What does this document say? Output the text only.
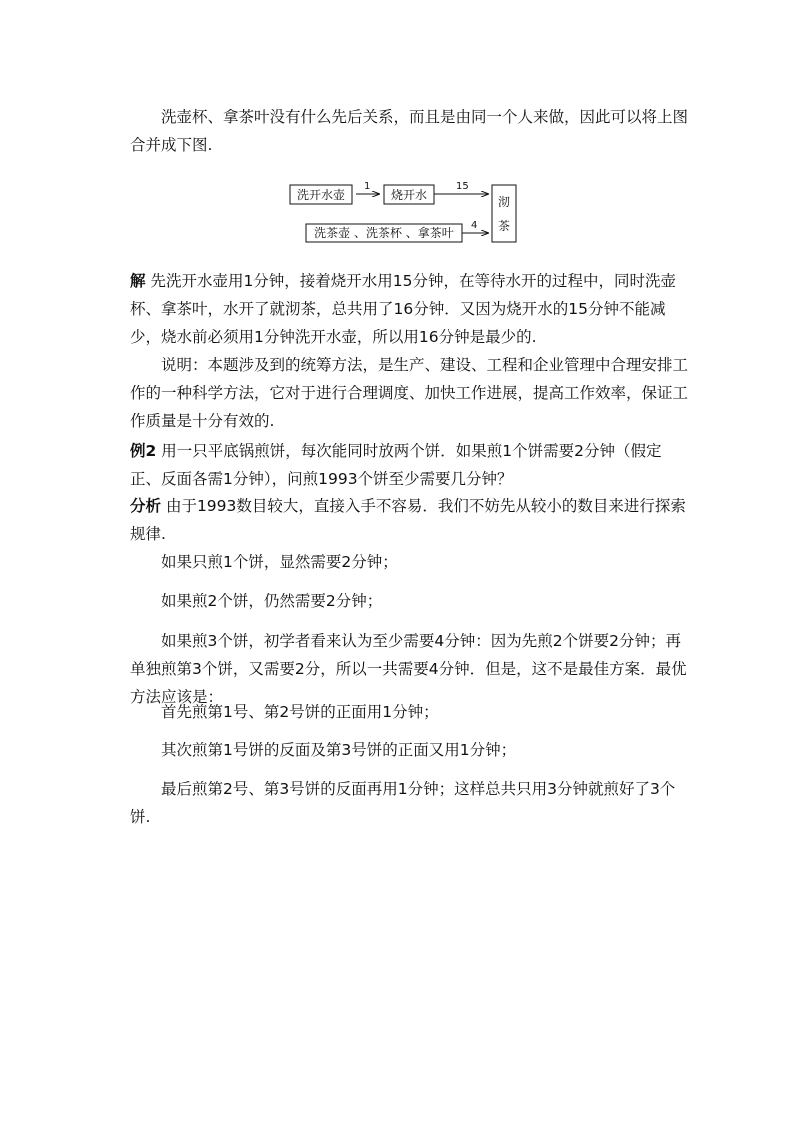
洗壶杯、拿茶叶没有什么先后关系，而且是由同一个人来做，因此可以将上图合并成下图.

洗开水壶
1
烧开水
15
洗茶壶 、洗茶杯 、拿茶叶
4
沏
茶

解 先洗开水壶用1分钟，接着烧开水用15分钟，在等待水开的过程中，同时洗壶杯、拿茶叶，水开了就沏茶，总共用了16分钟．又因为烧开水的15分钟不能减少，烧水前必须用1分钟洗开水壶，所以用16分钟是最少的.

说明：本题涉及到的统筹方法，是生产、建设、工程和企业管理中合理安排工作的一种科学方法，它对于进行合理调度、加快工作进展，提高工作效率，保证工作质量是十分有效的.

例2 用一只平底锅煎饼，每次能同时放两个饼．如果煎1个饼需要2分钟（假定正、反面各需1分钟），问煎1993个饼至少需要几分钟？

分析 由于1993数目较大，直接入手不容易．我们不妨先从较小的数目来进行探索规律.

如果只煎1个饼，显然需要2分钟；

如果煎2个饼，仍然需要2分钟；

如果煎3个饼，初学者看来认为至少需要4分钟：因为先煎2个饼要2分钟；再单独煎第3个饼，又需要2分，所以一共需要4分钟．但是，这不是最佳方案．最优方法应该是：

首先煎第1号、第2号饼的正面用1分钟；

其次煎第1号饼的反面及第3号饼的正面又用1分钟；

最后煎第2号、第3号饼的反面再用1分钟；这样总共只用3分钟就煎好了3个饼.
